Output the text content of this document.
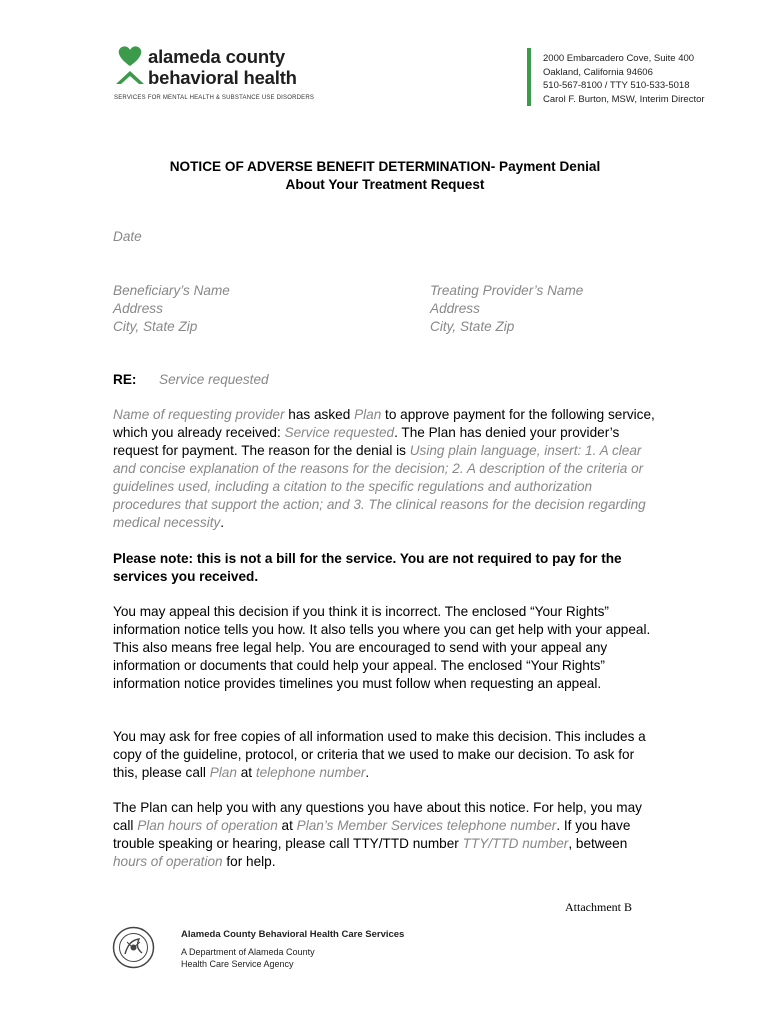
alameda county
behavioral health
SERVICES FOR MENTAL HEALTH & SUBSTANCE USE DISORDERS
2000 Embarcadero Cove, Suite 400
Oakland, California 94606
510-567-8100 / TTY 510-533-5018
Carol F. Burton, MSW, Interim Director
NOTICE OF ADVERSE BENEFIT DETERMINATION- Payment Denial
About Your Treatment Request
Date
Beneficiary’s Name
Address
City, State Zip
Treating Provider’s Name
Address
City, State Zip
RE: Service requested
Name of requesting provider has asked Plan to approve payment for the following service, which you already received: Service requested. The Plan has denied your provider’s request for payment. The reason for the denial is Using plain language, insert: 1. A clear and concise explanation of the reasons for the decision; 2. A description of the criteria or guidelines used, including a citation to the specific regulations and authorization procedures that support the action; and 3. The clinical reasons for the decision regarding medical necessity.
Please note: this is not a bill for the service. You are not required to pay for the services you received.
You may appeal this decision if you think it is incorrect. The enclosed “Your Rights” information notice tells you how. It also tells you where you can get help with your appeal. This also means free legal help. You are encouraged to send with your appeal any information or documents that could help your appeal. The enclosed “Your Rights” information notice provides timelines you must follow when requesting an appeal.
You may ask for free copies of all information used to make this decision. This includes a copy of the guideline, protocol, or criteria that we used to make our decision. To ask for this, please call Plan at telephone number.
The Plan can help you with any questions you have about this notice. For help, you may call Plan hours of operation at Plan’s Member Services telephone number. If you have trouble speaking or hearing, please call TTY/TTD number TTY/TTD number, between hours of operation for help.
Attachment B
Alameda County Behavioral Health Care Services
A Department of Alameda County
Health Care Service Agency
